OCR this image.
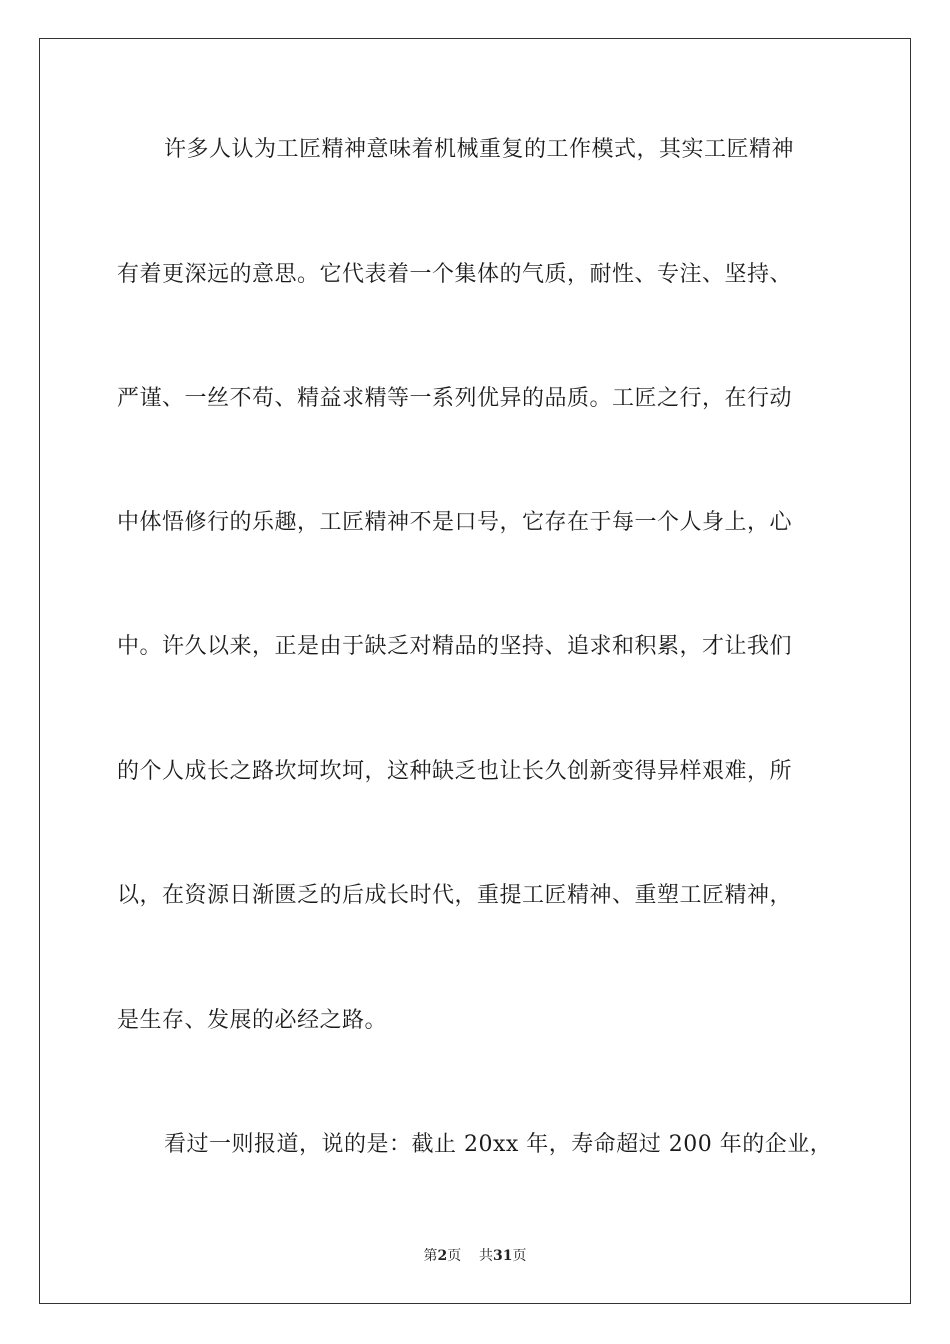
许多人认为工匠精神意味着机械重复的工作模式，其实工匠精神
有着更深远的意思。它代表着一个集体的气质，耐性、专注、坚持、
严谨、一丝不苟、精益求精等一系列优异的品质。工匠之行，在行动
中体悟修行的乐趣，工匠精神不是口号，它存在于每一个人身上，心
中。许久以来，正是由于缺乏对精品的坚持、追求和积累，才让我们
的个人成长之路坎坷坎坷，这种缺乏也让长久创新变得异样艰难，所
以，在资源日渐匮乏的后成长时代，重提工匠精神、重塑工匠精神，
是生存、发展的必经之路。
看过一则报道，说的是：截止 20xx 年，寿命超过 200 年的企业，
第2页 共31页
